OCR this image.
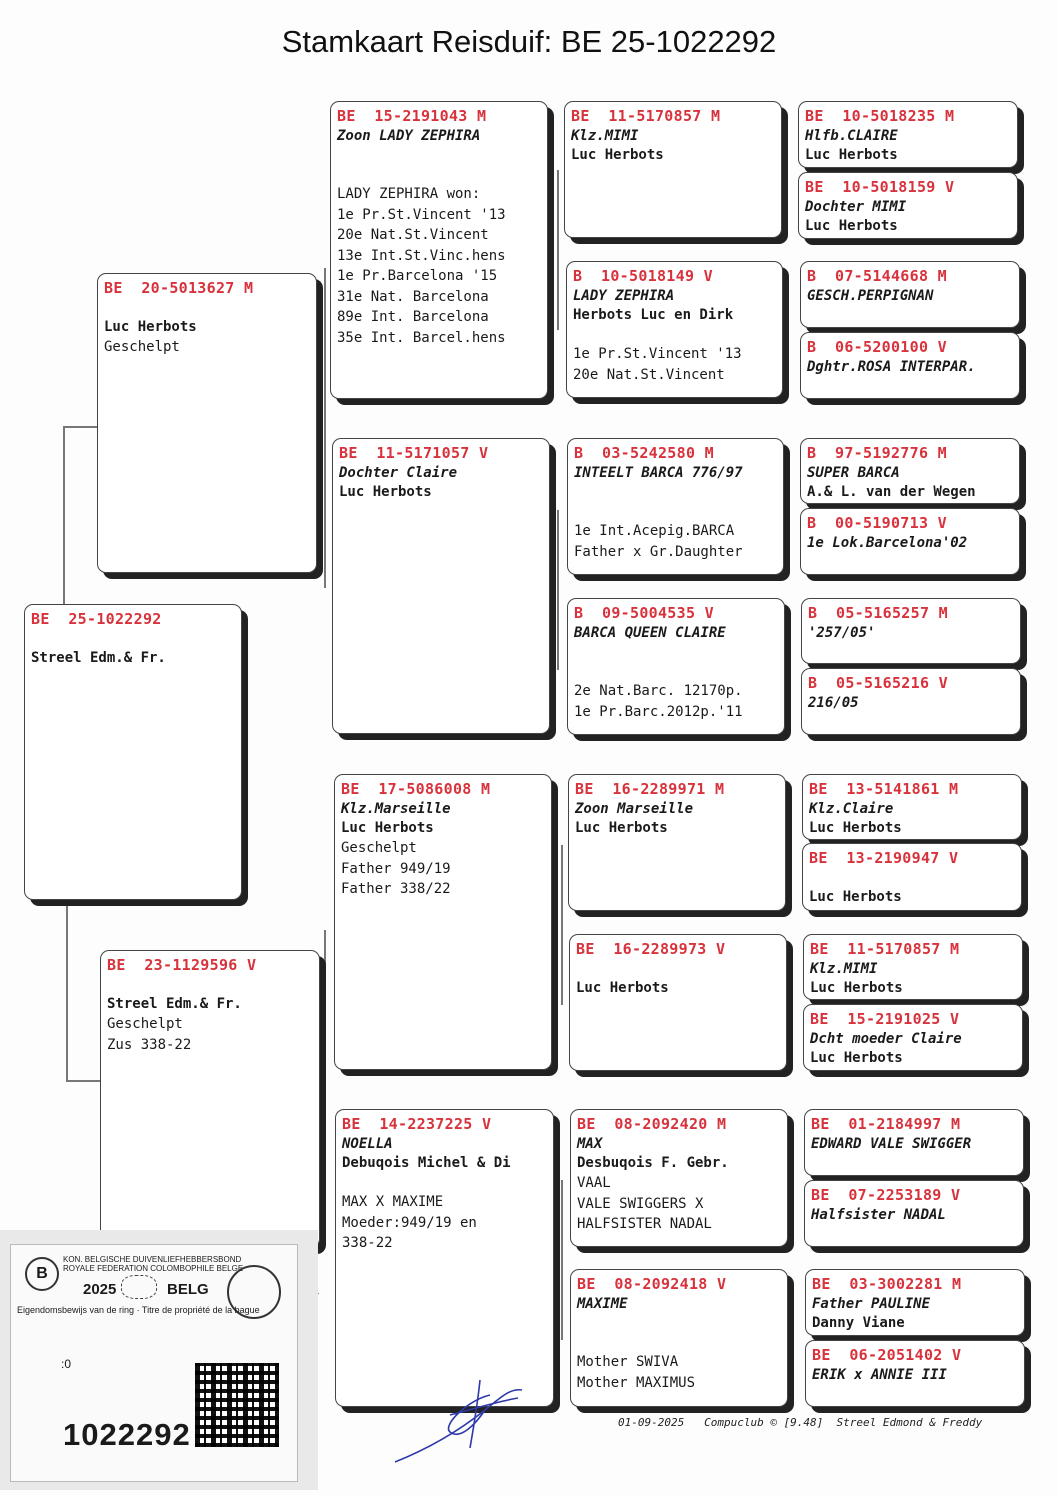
Stamkaart Reisduif: BE 25-1022292
BE  25-1022292
Streel Edm.& Fr.
BE  20-5013627 M
Luc Herbots
Geschelpt
BE  23-1129596 V
Streel Edm.& Fr.
Geschelpt
Zus 338-22
BE  15-2191043 M
Zoon LADY ZEPHIRA
LADY ZEPHIRA won:
1e Pr.St.Vincent '13
20e Nat.St.Vincent
13e Int.St.Vinc.hens
1e Pr.Barcelona '15
31e Nat. Barcelona
89e Int. Barcelona
35e Int. Barcel.hens
BE  11-5171057 V
Dochter Claire
Luc Herbots
BE  17-5086008 M
Klz.Marseille
Luc Herbots
Geschelpt
Father 949/19
Father 338/22
BE  14-2237225 V
NOELLA
Debuqois Michel & Di
MAX X MAXIME
Moeder:949/19 en
338-22
BE  11-5170857 M
Klz.MIMI
Luc Herbots
B  10-5018149 V
LADY ZEPHIRA
Herbots Luc en Dirk
1e Pr.St.Vincent '13
20e Nat.St.Vincent
B  03-5242580 M
INTEELT BARCA 776/97
1e Int.Acepig.BARCA
Father x Gr.Daughter
B  09-5004535 V
BARCA QUEEN CLAIRE
2e Nat.Barc. 12170p.
1e Pr.Barc.2012p.'11
BE  16-2289971 M
Zoon Marseille
Luc Herbots
BE  16-2289973 V
Luc Herbots
BE  08-2092420 M
MAX
Desbuqois F. Gebr.
VAAL
VALE SWIGGERS X
HALFSISTER NADAL
BE  08-2092418 V
MAXIME
Mother SWIVA
Mother MAXIMUS
BE  10-5018235 M
Hlfb.CLAIRE
Luc Herbots
BE  10-5018159 V
Dochter MIMI
Luc Herbots
B  07-5144668 M
GESCH.PERPIGNAN
B  06-5200100 V
Dghtr.ROSA INTERPAR.
B  97-5192776 M
SUPER BARCA
A.& L. van der Wegen
B  00-5190713 V
1e Lok.Barcelona'02
B  05-5165257 M
'257/05'
B  05-5165216 V
216/05
BE  13-5141861 M
Klz.Claire
Luc Herbots
BE  13-2190947 V
Luc Herbots
BE  11-5170857 M
Klz.MIMI
Luc Herbots
BE  15-2191025 V
Dcht moeder Claire
Luc Herbots
BE  01-2184997 M
EDWARD VALE SWIGGER
BE  07-2253189 V
Halfsister NADAL
BE  03-3002281 M
Father PAULINE
Danny Viane
BE  06-2051402 V
ERIK x ANNIE III
01-09-2025   Compuclub © [9.48]  Streel Edmond & Freddy
B
KON. BELGISCHE DUIVENLIEFHEBBERSBOND
ROYALE FEDERATION COLOMBOPHILE BELGE
2025	BELG
Eigendomsbewijs van de ring · Titre de propriété de la bague
:0
1022292
